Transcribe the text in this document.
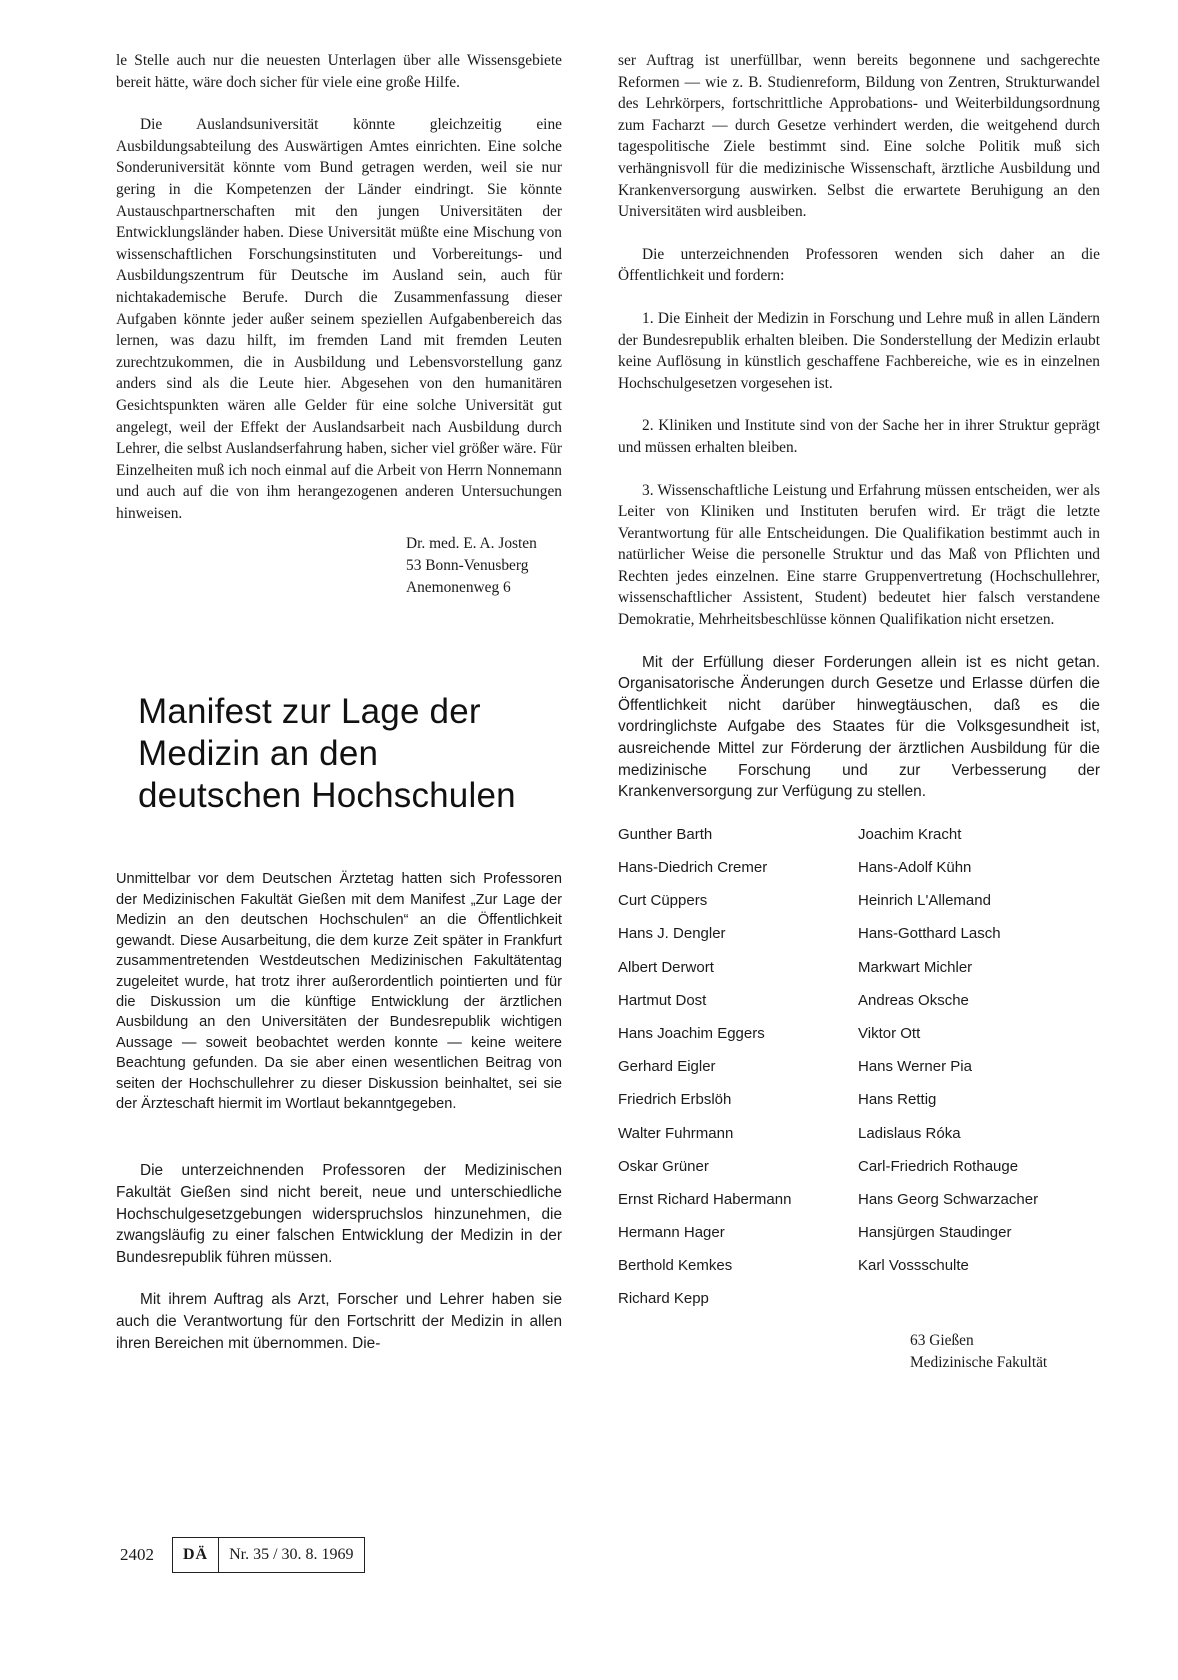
le Stelle auch nur die neuesten Unterlagen über alle Wissensgebiete bereit hätte, wäre doch sicher für viele eine große Hilfe.

Die Auslandsuniversität könnte gleichzeitig eine Ausbildungsabteilung des Auswärtigen Amtes einrichten. Eine solche Sonderuniversität könnte vom Bund getragen werden, weil sie nur gering in die Kompetenzen der Länder eindringt. Sie könnte Austauschpartnerschaften mit den jungen Universitäten der Entwicklungsländer haben. Diese Universität müßte eine Mischung von wissenschaftlichen Forschungsinstituten und Vorbereitungs- und Ausbildungszentrum für Deutsche im Ausland sein, auch für nichtakademische Berufe. Durch die Zusammenfassung dieser Aufgaben könnte jeder außer seinem speziellen Aufgabenbereich das lernen, was dazu hilft, im fremden Land mit fremden Leuten zurechtzukommen, die in Ausbildung und Lebensvorstellung ganz anders sind als die Leute hier. Abgesehen von den humanitären Gesichtspunkten wären alle Gelder für eine solche Universität gut angelegt, weil der Effekt der Auslandsarbeit nach Ausbildung durch Lehrer, die selbst Auslandserfahrung haben, sicher viel größer wäre. Für Einzelheiten muß ich noch einmal auf die Arbeit von Herrn Nonnemann und auch auf die von ihm herangezogenen anderen Untersuchungen hinweisen.

Dr. med. E. A. Josten
53 Bonn-Venusberg
Anemonenweg 6
Manifest zur Lage der
Medizin an den
deutschen Hochschulen

Unmittelbar vor dem Deutschen Ärztetag hatten sich Professoren der Medizinischen Fakultät Gießen mit dem Manifest „Zur Lage der Medizin an den deutschen Hochschulen“ an die Öffentlichkeit gewandt. Diese Ausarbeitung, die dem kurze Zeit später in Frankfurt zusammentretenden Westdeutschen Medizinischen Fakultätentag zugeleitet wurde, hat trotz ihrer außerordentlich pointierten und für die Diskussion um die künftige Entwicklung der ärztlichen Ausbildung an den Universitäten der Bundesrepublik wichtigen Aussage — soweit beobachtet werden konnte — keine weitere Beachtung gefunden. Da sie aber einen wesentlichen Beitrag von seiten der Hochschullehrer zu dieser Diskussion beinhaltet, sei sie der Ärzteschaft hiermit im Wortlaut bekanntgegeben.

Die unterzeichnenden Professoren der Medizinischen Fakultät Gießen sind nicht bereit, neue und unterschiedliche Hochschulgesetzgebungen widerspruchslos hinzunehmen, die zwangsläufig zu einer falschen Entwicklung der Medizin in der Bundesrepublik führen müssen.

Mit ihrem Auftrag als Arzt, Forscher und Lehrer haben sie auch die Verantwortung für den Fortschritt der Medizin in allen ihren Bereichen mit übernommen. Die-

ser Auftrag ist unerfüllbar, wenn bereits begonnene und sachgerechte Reformen — wie z. B. Studienreform, Bildung von Zentren, Strukturwandel des Lehrkörpers, fortschrittliche Approbations- und Weiterbildungsordnung zum Facharzt — durch Gesetze verhindert werden, die weitgehend durch tagespolitische Ziele bestimmt sind. Eine solche Politik muß sich verhängnisvoll für die medizinische Wissenschaft, ärztliche Ausbildung und Krankenversorgung auswirken. Selbst die erwartete Beruhigung an den Universitäten wird ausbleiben.

Die unterzeichnenden Professoren wenden sich daher an die Öffentlichkeit und fordern:

1. Die Einheit der Medizin in Forschung und Lehre muß in allen Ländern der Bundesrepublik erhalten bleiben. Die Sonderstellung der Medizin erlaubt keine Auflösung in künstlich geschaffene Fachbereiche, wie es in einzelnen Hochschulgesetzen vorgesehen ist.

2. Kliniken und Institute sind von der Sache her in ihrer Struktur geprägt und müssen erhalten bleiben.

3. Wissenschaftliche Leistung und Erfahrung müssen entscheiden, wer als Leiter von Kliniken und Instituten berufen wird. Er trägt die letzte Verantwortung für alle Entscheidungen. Die Qualifikation bestimmt auch in natürlicher Weise die personelle Struktur und das Maß von Pflichten und Rechten jedes einzelnen. Eine starre Gruppenvertretung (Hochschullehrer, wissenschaftlicher Assistent, Student) bedeutet hier falsch verstandene Demokratie, Mehrheitsbeschlüsse können Qualifikation nicht ersetzen.

Mit der Erfüllung dieser Forderungen allein ist es nicht getan. Organisatorische Änderungen durch Gesetze und Erlasse dürfen die Öffentlichkeit nicht darüber hinwegtäuschen, daß es die vordringlichste Aufgabe des Staates für die Volksgesundheit ist, ausreichende Mittel zur Förderung der ärztlichen Ausbildung für die medizinische Forschung und zur Verbesserung der Krankenversorgung zur Verfügung zu stellen.

Gunther Barth
Hans-Diedrich Cremer
Curt Cüppers
Hans J. Dengler
Albert Derwort
Hartmut Dost
Hans Joachim Eggers
Gerhard Eigler
Friedrich Erbslöh
Walter Fuhrmann
Oskar Grüner
Ernst Richard Habermann
Hermann Hager
Berthold Kemkes
Richard Kepp
Joachim Kracht
Hans-Adolf Kühn
Heinrich L'Allemand
Hans-Gotthard Lasch
Markwart Michler
Andreas Oksche
Viktor Ott
Hans Werner Pia
Hans Rettig
Ladislaus Róka
Carl-Friedrich Rothauge
Hans Georg Schwarzacher
Hansjürgen Staudinger
Karl Vossschulte
63 Gießen
Medizinische Fakultät
2402	DÄ	Nr. 35 / 30. 8. 1969
